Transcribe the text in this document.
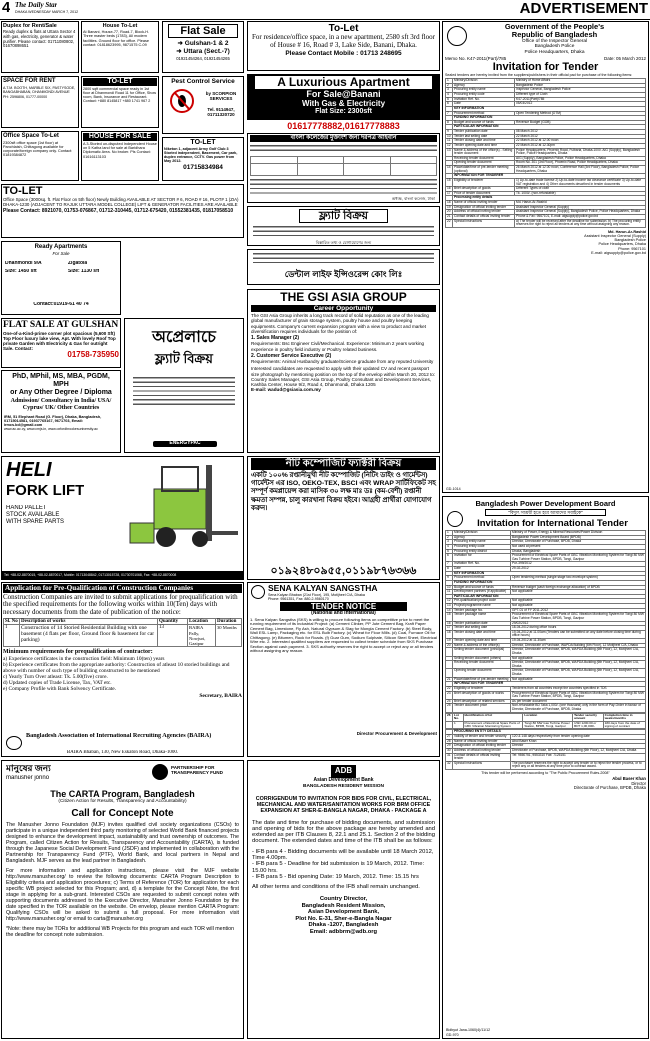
4 The Daily Star
DHAKA WEDNESDAY MARCH 7, 2012	ADVERTISEMENT
Duplex for Rent/Sale
Ready duplex & flats at Uttara Sector 4 with gas, electricity, generator & water purifier. Please contact: 01711080802, 01670898651
House To-Let
At Banani, House-77, Road-7, Block-H. Three master beds (1783), All modern facilities. Ground floor for office. Please contact: 01818623995, 9871575 C-09
Flat Sale
➜ Gulshan-1 & 2
➜ Uttara (Sect.-7)
01921454264, 01921454265
SPACE FOR RENT
A.T.M. BOOTH, MARBLE SIX, PASTYSODE, BANGABHABAN, DHANMONDI AVENUE
PH: 2596806, 01777-00000
TO-LET
2800 sqft commercial space ready in 1st floor at Dhanmondi Road 11 for Office, Show room, Bank, Insurance and Restaurant. Contact: +880 8145817 +880 1741 967 2
Pest Control Service
by SCORPION SERVICES
Tel. 9114947, 01711320720
Office Space To-Let
2300sft office space (1st floor) at Panchlaish, Chittagong available for corporate/foreign company only. Contact: 01819384872
HOUSE FOR SALE
A 3-Storied un-disputed Independent House on 5 Katha land for sale at Baridhara Diplomatic Area. No broker. Pls Contact: 01616113103
TO-LET
Niketon 1, adjacent Army Golf Club 3 Storied independent, Basement, Car park, duplex entrance, CCTV. Gas power from May 2012.
01715834984
TO-LET
Office Space (3000sq. ft. Flat Floor on 5th floor) Newly Building AVAILABLE AT SECTOR # 6, ROAD # 16, PLOT# 1 (ZIA) DHAKA-1230 (ADJACENT TO RAJUK UTTARA MODEL COLLEGE) LIFT & GENERATOR FACILITIES ARE AVAILABLE
Please Contact: 8921070, 01753-076867, 01712-310445, 01712-675420, 01552381435, 01817058510
Ready Apartments
For Sale
Dhanmondi 9/A
Size: 1450 sft
Zigatola
Size: 1130 sft
Contact:01919-61 40 74
FLAT SALE AT GULSHAN
One-of-a-Kind-prime corner plot spacious (5,600 Sft) Top Floor luxury lake view, Apt. With lovely Roof Top private Garden with Electricity & Gas for outright Sale. Contact:
01758-735950
PhD, MPhil, MS, MBA, PGDM, MPH
or Any Other Degree / Diploma
Admission/ Consultancy in India/ USA/ Cyprus/ UK/ Other Countries
IRM, 51 Elephant Road (G. Floor), Dhaka, Bangladesh, 01715014581, 01937765167, 9671703, Email: irmcs.bd@gmail.com
www.ac.ac.cy, www.cmjs.in, www.oxfordbrookesuniversity.ac
অপ্রেলাচে
ফ্ল্যাট বিক্রয়
ENERGYPAC
To-Let
For residence/office space, in a new apartment, 2580 sft 3rd floor of House # 16, Road # 3, Lake Side, Banani, Dhaka.
Please Contact Mobile : 01713 248695
A Luxurious Apartment
For Sale@Banani
With Gas & Electricity
Flat Size: 2300sft
01617778882,01617778883
বাংলা কলেজের মুক্তাংশ জন্য দরপত্র আহবান

অধ্যক্ষ, বাংলা কলেজ, ঢাকা
ফ্ল্যাট বিক্রয়
বিস্তারিত তথ্য ও যোগাযোগের জন্য
ডেন্টাল লাইফ ইন্সিওরেন্স কোং লিঃ
THE GSI ASIA GROUP
Career Opportunity
The GSI Asia Group inherits a long track record of solid reputation as one of the leading global manufacturer of grain storage system, poultry house and poultry keeping equipments. Company's current expansion program with a view to product and market diversification requires individuals for the position of:
1. Sales Manager (2)
Requirements: Bsc Engineer Civil/Mechanical. Experience: Minimum 2 years working experience in poultry field industry or Poultry related business.
2. Customer Service Executive (2)
Requirements: Animal Husbandry graduate/Science graduate from any reputed University
Interested candidates are requested to apply with their updated CV and recent passport size photograph by mentioning position on the top of the envelop within March 20, 2012 to: Country Sales Manager, GSI Asia Group, Poultry Consultant and Development Services, Kashba Center, House 9/2, Road 4, Dhanmondi, Dhaka 1205
E-mail: wadud@gsiasia.com.my
HELI
FORK LIFT
HAND PALLET
STOCK AVAILABLE
WITH SPARE PARTS
Tel: +88-02-8870015, +88-02-8870017, Mobile: 01713048842, 01713015728, 01730701068, Fax: +88-02-8870008
নীট কম্পোজিট ফ্যাক্টরী বিক্রয়
একটি ১০০% রপ্তানীমুখী নীট কম্পোজিট (নিটিং ডাইং ও গার্মেন্টস) গার্মেন্টস এর ISO, OEKO-TEX, BSCI এবং WRAP সার্টিফিকেট সহ সম্পূর্ণ কমপ্লায়েন্স করা মাসিক ৩০ লক্ষ মাঃ ডঃ (কম-বেশী) রপ্তানী ক্ষমতা সম্পন্ন, চালু কারখানা বিক্রয় হইবে। আগ্রহী প্রার্থীরা যোগাযোগ করুন।
০১৯২৪৮০৯৫৫,০১১৯৮৭৬৩৬৬
Application for Pre-Qualification of Construction Companies
Construction Companies are invited to submit applications for prequalification with the specified requirements for the following works within 10(Ten) days with necessary documents from the date of publication of the notice:
Sl. No	Description of works	Quantity	Location	Duration
1	Construction of 14 Storied Residential Building with one basement (4 flats per floor, Ground floor & basement for car parking)	13	BAIRA Pally, Nowjuri, Gazipur	30 Months
Minimum requirements for prequalification of contractor:
a) Experience certificates in the construction field: Minimum 10(ten) years
b) Experience certificates from the appropriate authority: Construction of atleast 10 storied buildings and above with number of such type of building constructed to be mentioned
c) Yearly Turn Over atleast: Tk. 5.00(five) crore.
d) Updated copies of Trade License, Tax, VAT etc.
e) Company Profile with Bank Solvency Certificate.
Secretary, BAIRA
Bangladesh Association of International Recruiting Agencies (BAIRA)
BAIRA Bhaban, 130, New Eskaton Road, Dhaka-1000.
SENA KALYAN SANGSTHA
Sena Kalyan Bhaban (21st Floor), 195, Motijheel C/A, Dhaka
Phone: 9561351, Fax: 880-2-9560170
TENDER NOTICE
(National and International)
1. Sena Kalyan Sangstha (SKS) is willing to procure following items on competitive price to meet the running requirement of its Industrial Project: (a) Cement Clinker, PP Jute Cement Bag, Kraft Paper Cement Bag, Limestone, Fly Ash, Natural Gypsum & Slag for Mongla Cement Factory. (b) Steel Body, Wall ESL Lamp, Packaging etc. for ESL Bulb Factory. (c) Wheat for Flour Mills. (d) Coal, Furnace Oil for Chittagong. (e) Bitumen, Rock for Roads. (f) Guar Gum, Sodium Sulphate, Silicon Steel Sheet, Electrical Wire etc. 2. Interested qualified suppliers are requested to collect tender schedule from SKS Purchase Section against cash payment. 3. SKS authority reserves the right to accept or reject any or all tenders without assigning any reason.
Director Procurement & Development
ADB
Asian Development Bank
BANGLADESH RESIDENT MISSION
CORRIGENDUM TO INVITATION FOR BIDS FOR CIVIL, ELECTRICAL, MECHANICAL AND WATER/SANITATION WORKS FOR BRM OFFICE EXPANSION AT SHER-E-BANGLA NAGAR, DHAKA - PACKAGE A
The date and time for purchase of bidding documents, and submission and opening of bids for the above package are hereby amended and extended as per ITB Clauses 8, 22.1 and 25.1. Section 2 of the bidding document. The extended dates and time of the ITB shall be as follows:
- IFB para 4 - Bidding documents will be available until 18 March 2012, Time 4.00pm.
- IFB para 5 - Deadline for bid submission is 19 March, 2012. Time: 15.00 hrs.
- IFB para 5 - Bid opening Date: 19 March, 2012. Time: 15.15 hrs
All other terms and conditions of the IFB shall remain unchanged.
Country Director,
Bangladesh Resident Mission,
Asian Development Bank,
Plot No. E-31, Sher-e-Bangla Nagar
Dhaka -1207, Bangladesh
Email: adbbrm@adb.org
মানুষের জন্য
manusher jonno
PARTNERSHIP FOR TRANSPARENCY FUND
The CARTA Program, Bangladesh
(Citizen Action for Results, Transparency and Accountability)
Call for Concept Note
The Manusher Jonno Foundation (MJF) invites qualified civil society organizations (CSOs) to participate in a unique independent third party monitoring of selected World Bank financed projects designed to enhance the development impact, sustainability and trust ownership of outcomes. The Program, called Citizen Action for Results, Transparency and Accountability (CARTA), is funded through the Japanese Social Development Fund (JSDF) and implemented in collaboration with the Partnership for Transparency Fund (PTF), World Bank, and local partners in Nepal and Bangladesh. MJF serves as the lead partner in Bangladesh.
For more information and application instructions, please visit the MJF website http://www.manusher.org/ to review the following documents: CARTA Program Description to Eligibility criteria and application procedures; c) Terms of Reference (TOR) for application for each specific WB project selected for this Program; and, d) a template for the Concept Note, the first stage in applying for a sub-grant. Interested CSOs are requested to submit concept notes with supporting documents addressed to the Executive Director, Manusher Jonno Foundation by the date specified in the TOR available on the website. On envelop, please mention CARTA Program: Qualifying CSOs will be asked to submit a full proposal. For more information visit http://www.manusher.org/ or email to carta@manusher.org
*Note: there may be TORs for additional WB Projects for this program and each TOR will mention the deadline for concept note submission.
Government of the People's
Republic of Bangladesh
Office of the Inspector General
Bangladesh Police
Police Headquarters, Dhaka
Memo No. K47-2011(Part)/785	Date: 05 March 2012
Invitation for Tender
Sealed tenders are hereby invited from the suppliers/publishers in their official pad for purchase of the following items:
1	Ministry/Division	Ministry of Home Affairs
2	Agency	Bangladesh Police
3	Procuring entity name	Inspector General, Bangladesh Police
4	Procuring entity code	Different type of Cloth
5	Invitation Ref. No.	K47-2011(Part)/785
6	Date	05/03/2012
	KEY INFORMATION	
7	Procurement method	Open Tendering Method (OTM)
	FUNDING INFORMATION	
8	Budget and source of funds	Revenue Budget (GOB)
	PARTICULAR INFORMATION	
9	Tender publication date	08 March 2012
10	Tender last selling date	22 March 2012
11	Tender closing date and time	22 March 2012 at 12.00 noon
12	Tender opening date and time	22 March 2012 at 12.30pm
13	Name & address of the office(s) - Selling tender document	Police Headquarters, Phoenix Road, Fulbaria, Dhaka-1000. AIG (Supply), Bangladesh Police, Police Headquarters, Dhaka
	Receiving tender document	AIG (Supply), Bangladesh Police, Police Headquarters, Dhaka
	Opening tender document	Room No. 301 (3rd Floor), Phoenix Road, Police Headquarters, Dhaka
14	Place/date/time of pre-tender meeting (optional)	26 March 2012 at 12.00 noon, Conference Hall (3rd Floor), Bangladesh Police, Police Headquarters, Dhaka
	INFORMATION FOR TENDERER	
15	Eligibility of tenderer	1) Up-to-date trade license 2) Up-to-date income tax clearance certificate 3) Up-to-date VAT registration and 4) Other documents described in tender documents
16	Brief description of goods	Different Types of cloth
17	Price of tender document	Tk. 1000/- (non-refundable)
	Processing entity details	
18	Name of official inviting tender	Md. Harun-Ar-Rashid
19	Designation of official inviting tender	Assistant Inspector General (Supply)
20	Address of official inviting tender	Assistant Inspector General (Supply), Bangladesh Police, Police Headquarters, Dhaka
21	Contact details of official inviting tender	Phone & Fax: 9567101, E-mail: aigsupply@police.gov.bd
22	Special instructions	a) The tender will be received after the deadline for submission. b) The procuring entity reserves the right to reject all tenders at any time without assigning any reason.
Md. Harun-Ar-Rashid
Assistant Inspector General (Supply)
Bangladesh Police
Police Headquarters, Dhaka
Phone: 9567101
E-mail: aigsupply@police.gov.bd
GD-1014
Bangladesh Power Development Board
"বিদ্যুৎ সাশ্রয়ী হতে হবে আমাদের সবাইকে"
Invitation for International Tender
1	Ministry/Division	Ministry of Power, Energy & Mineral Resources/Power Division
2	Agency	Bangladesh Power Development Board (BPDB)
3	Procuring entity name	Director, Directorate of Purchase, BPDB, Dhaka
4	Procuring entity code	Not used at present
5	Procuring entity district	Dhaka, Bangladesh
6	Invitation for	Procurement of Electrical Spare Parts of GBC Vibration Monitoring System for Tongi 80 MW Gas Turbine Power Station, BPDB, Tongi, Gazipur
7	Invitation Ref. No.	Pur-399/2012
8	Date	29-02-2012
	KEY INFORMATION	
9	Procurement method	Open tendering method (single stage two envelope system)
	FUNDING INFORMATION	
10	Budget and source of funds	Revenue budget (cash foreign exchange allocation) of BPDB
11	Development partners (if applicable)	Not applicable
	PARTICULAR INFORMATION	
12	Pre-qualification/project code	Not applicable
13	Project/programme name	Not applicable
14	Tender package No.	GPT-01 of FY 2011-2012
15	Tender package name	Procurement of Electrical Spare Parts of GBC Vibration Monitoring System for Tongi 80 MW Gas Turbine Power Station, BPDB, Tongi, Gazipur
16	Tender publication date	29/02/2012
17	Tender last selling date	18-04-2012 during office hours
18	Tender closing date and time	19-04-2012 at 11.00am (Tenders can be submitted on any date before closing time during office hours)
19	Tender opening date and time	19-04-2012 at 11.30am
20	Name & address of the office(s)	Director, Directorate of Purchase, WAPDA Building (6th Floor), 12 Motijheel C/A, Dhaka
	Selling tender document (principal)	Director, Directorate of Purchase, BPDB, WAPDA Building (6th Floor), 12, Motijheel C/A, Dhaka
	Selling tender document (others)	Not applicable
	Receiving tender document	Director, Directorate of Purchase, BPDB, WAPDA Building (6th Floor), 12, Motijheel C/A, Dhaka
	Opening tender document	Director, Directorate of Purchase, BPDB, WAPDA Building (6th Floor), 12, Motijheel C/A, Dhaka
21	Place/date/time of pre-tender meeting	Not applicable
	INFORMATION FOR TENDERER	
22	Eligibility of tenderer	Tenderers from all countries except the countries specified in TDS
23	Brief description of goods or works	Procurement of Electrical Spare Parts of GBC Vibration Monitoring System for Tongi 80 MW Gas Turbine Power Station, BPDB, Tongi, Gazipur
24	Brief description of related services	As per tender document
25	Tender document price	Non-refundable BD Taka 1,000/- (one thousand) only in the form of Pay-Order in favour of Director, Directorate of Purchase, BPDB, Dhaka
26	Lot No.	Identification of lot	Location	Tender security amount	Completion time in weeks/months
	1	Procurement of Electrical Spare Parts of GBC Vibration Monitoring System	Tongi 80 MW Gas Turbine Power Station, BPDB, Tongi, Gazipur	USD 1200.00 or BDT 1,00,000/-	180 days from the date of signing of contract
	PROCURING ENTITY DETAILS	
27	Validity of tender and tender security	120 & 148 days respectively from tender opening date
28	Name of official inviting tender	Abul Baser Khan
29	Designation of official inviting tender	Director
30	Address of official inviting tender	Directorate of Purchase, BPDB, WAPDA Building (6th Floor), 12, Motijheel C/A, Dhaka
31	Contact details of official inviting tender	Tel: 9550751, 9553310 Fax: 7125151
32	Special instructions	The purchaser reserves the right to accept any tender or to reject the tender process, or to reject any or all tenders at any time prior to contract award.
This tender will be performed according to "The Public Procurement Rules-2008"
Abul Baser Khan
Director
Directorate of Purchase, BPDB, Dhaka
Bidbyut Jana-1060(4)/11/12
GD-970
